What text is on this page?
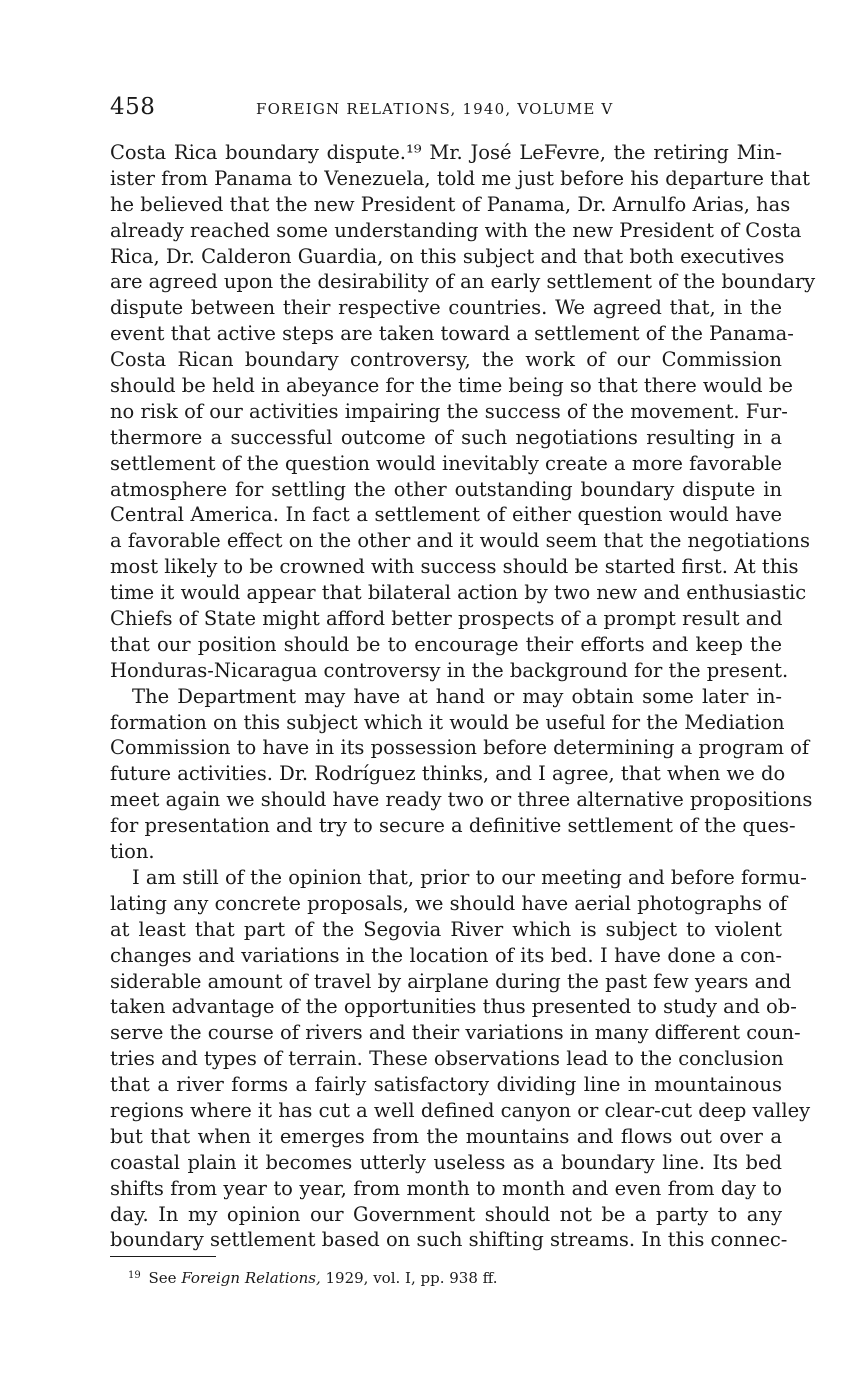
458	FOREIGN RELATIONS, 1940, VOLUME V
Costa Rica boundary dispute.¹⁹ Mr. José LeFevre, the retiring Min-
ister from Panama to Venezuela, told me just before his departure that
he believed that the new President of Panama, Dr. Arnulfo Arias, has
already reached some understanding with the new President of Costa
Rica, Dr. Calderon Guardia, on this subject and that both executives
are agreed upon the desirability of an early settlement of the boundary
dispute between their respective countries. We agreed that, in the
event that active steps are taken toward a settlement of the Panama-
Costa Rican boundary controversy, the work of our Commission
should be held in abeyance for the time being so that there would be
no risk of our activities impairing the success of the movement. Fur-
thermore a successful outcome of such negotiations resulting in a
settlement of the question would inevitably create a more favorable
atmosphere for settling the other outstanding boundary dispute in
Central America. In fact a settlement of either question would have
a favorable effect on the other and it would seem that the negotiations
most likely to be crowned with success should be started first. At this
time it would appear that bilateral action by two new and enthusiastic
Chiefs of State might afford better prospects of a prompt result and
that our position should be to encourage their efforts and keep the
Honduras-Nicaragua controversy in the background for the present.
The Department may have at hand or may obtain some later in-
formation on this subject which it would be useful for the Mediation
Commission to have in its possession before determining a program of
future activities. Dr. Rodríguez thinks, and I agree, that when we do
meet again we should have ready two or three alternative propositions
for presentation and try to secure a definitive settlement of the ques-
tion.
I am still of the opinion that, prior to our meeting and before formu-
lating any concrete proposals, we should have aerial photographs of
at least that part of the Segovia River which is subject to violent
changes and variations in the location of its bed. I have done a con-
siderable amount of travel by airplane during the past few years and
taken advantage of the opportunities thus presented to study and ob-
serve the course of rivers and their variations in many different coun-
tries and types of terrain. These observations lead to the conclusion
that a river forms a fairly satisfactory dividing line in mountainous
regions where it has cut a well defined canyon or clear-cut deep valley
but that when it emerges from the mountains and flows out over a
coastal plain it becomes utterly useless as a boundary line. Its bed
shifts from year to year, from month to month and even from day to
day. In my opinion our Government should not be a party to any
boundary settlement based on such shifting streams. In this connec-
$^{19}$ See Foreign Relations, 1929, vol. I, pp. 938 ff.
